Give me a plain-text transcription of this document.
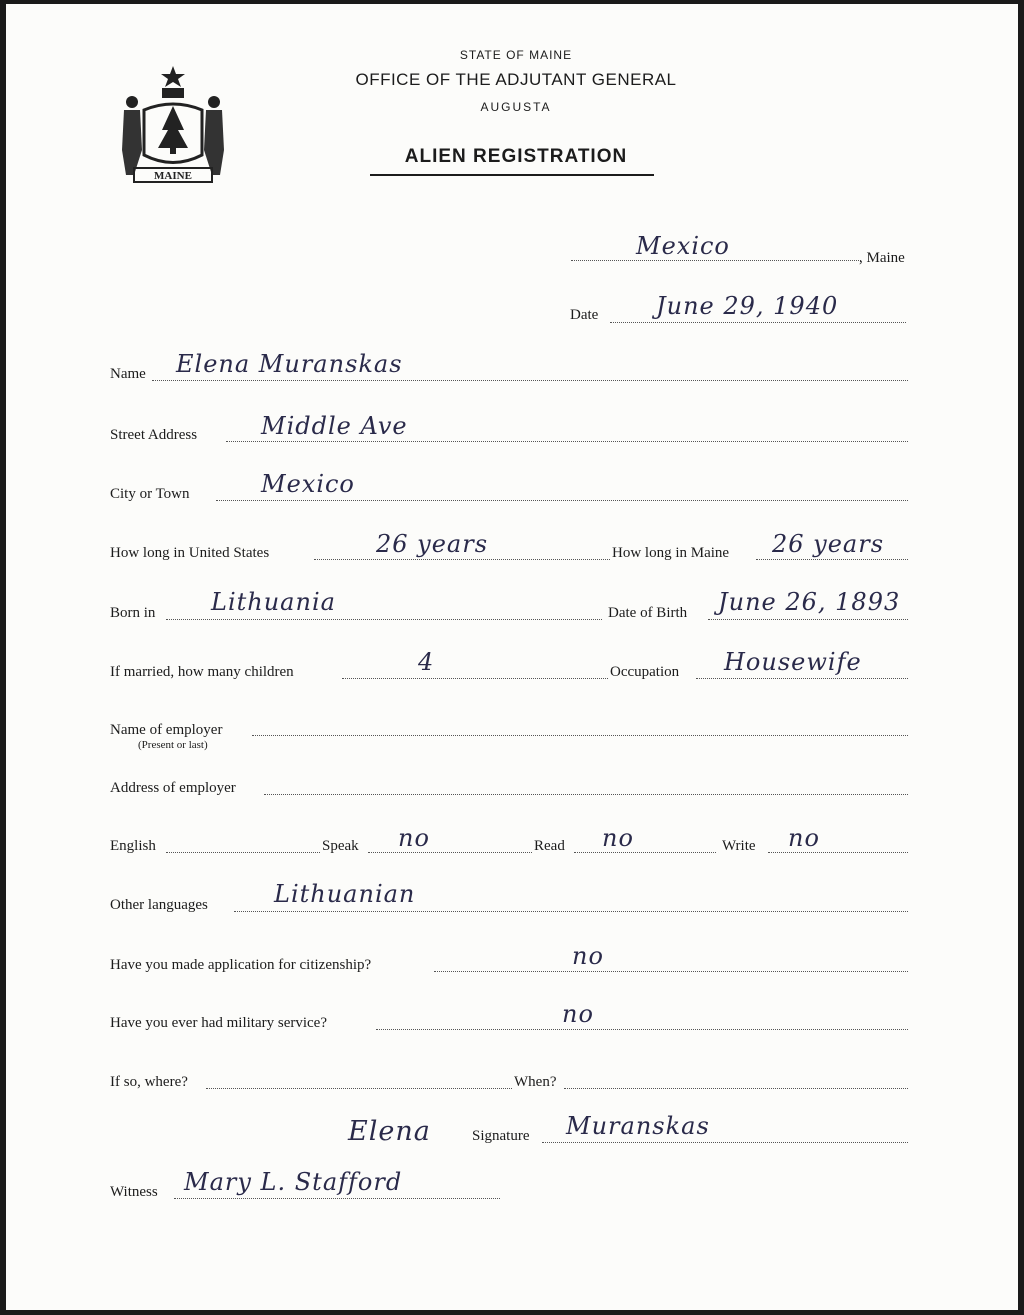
MAINE
STATE OF MAINE
OFFICE OF THE ADJUTANT GENERAL
AUGUSTA
ALIEN REGISTRATION
Mexico	, Maine
Date June 29, 1940
Name Elena Muranskas
Street Address	Middle Ave
City or Town	Mexico
How long in United States	26 years	How long in Maine 26 years
Born in Lithuania	Date of Birth June 26, 1893
If married, how many children	4	Occupation Housewife
Name of employer
(Present or last)
Address of employer
English	Speak no	Read no	Write no
Other languages	Lithuanian
Have you made application for citizenship?	no
Have you ever had military service?	no
If so, where?	When?
Elena	Signature Muranskas
Witness Mary L. Stafford
